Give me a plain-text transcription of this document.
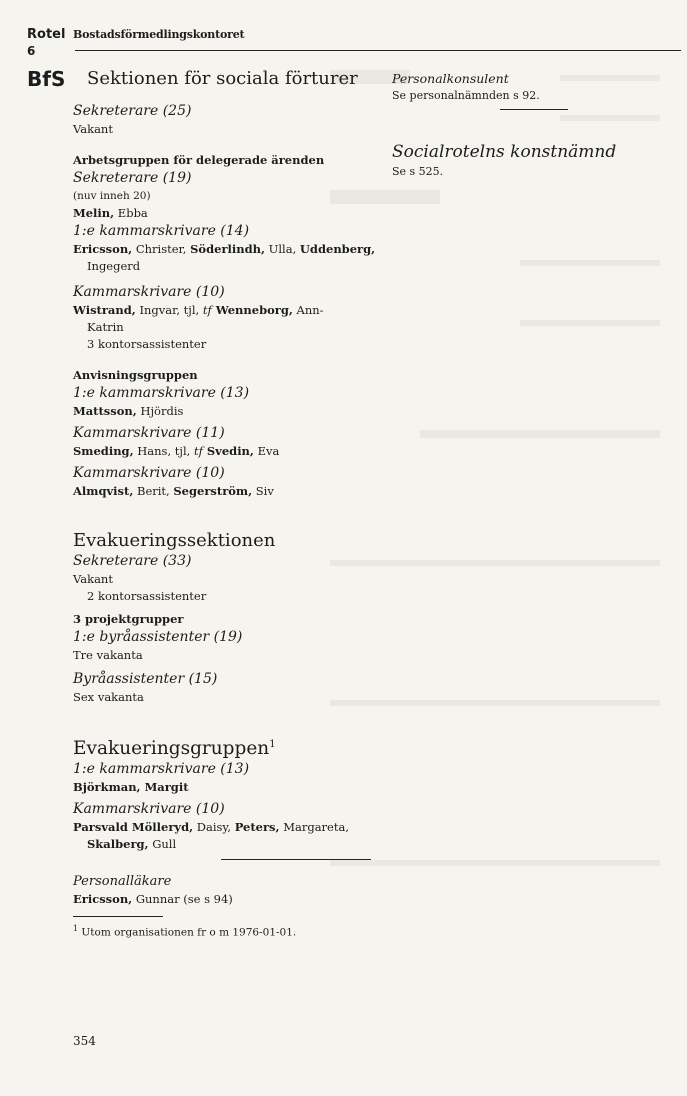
Rotel
6
Bostadsförmedlingskontoret
BfS	Sektionen för sociala förturer
Sekreterare (25)
Vakant
Arbetsgruppen för delegerade ärenden
Sekreterare (19)
(nuv inneh 20)
Melin, Ebba
1:e kammarskrivare (14)
Ericsson, Christer, Söderlindh, Ulla, Uddenberg,
Ingegerd
Kammarskrivare (10)
Wistrand, Ingvar, tjl, tf Wenneborg, Ann-
Katrin
3 kontorsassistenter
Anvisningsgruppen
1:e kammarskrivare (13)
Mattsson, Hjördis
Kammarskrivare (11)
Smeding, Hans, tjl, tf Svedin, Eva
Kammarskrivare (10)
Almqvist, Berit, Segerström, Siv
Evakueringssektionen
Sekreterare (33)
Vakant
2 kontorsassistenter
3 projektgrupper
1:e byråassistenter (19)
Tre vakanta
Byråassistenter (15)
Sex vakanta
Evakueringsgruppen$^1$
1:e kammarskrivare (13)
Björkman, Margit
Kammarskrivare (10)
Parsvald Mölleryd, Daisy, Peters, Margareta,
Skalberg, Gull
Personalläkare
Ericsson, Gunnar (se s 94)
$^1$ Utom organisationen fr o m 1976-01-01.
354
Personalkonsulent
Se personalnämnden s 92.
Socialrotelns konstnämnd
Se s 525.
